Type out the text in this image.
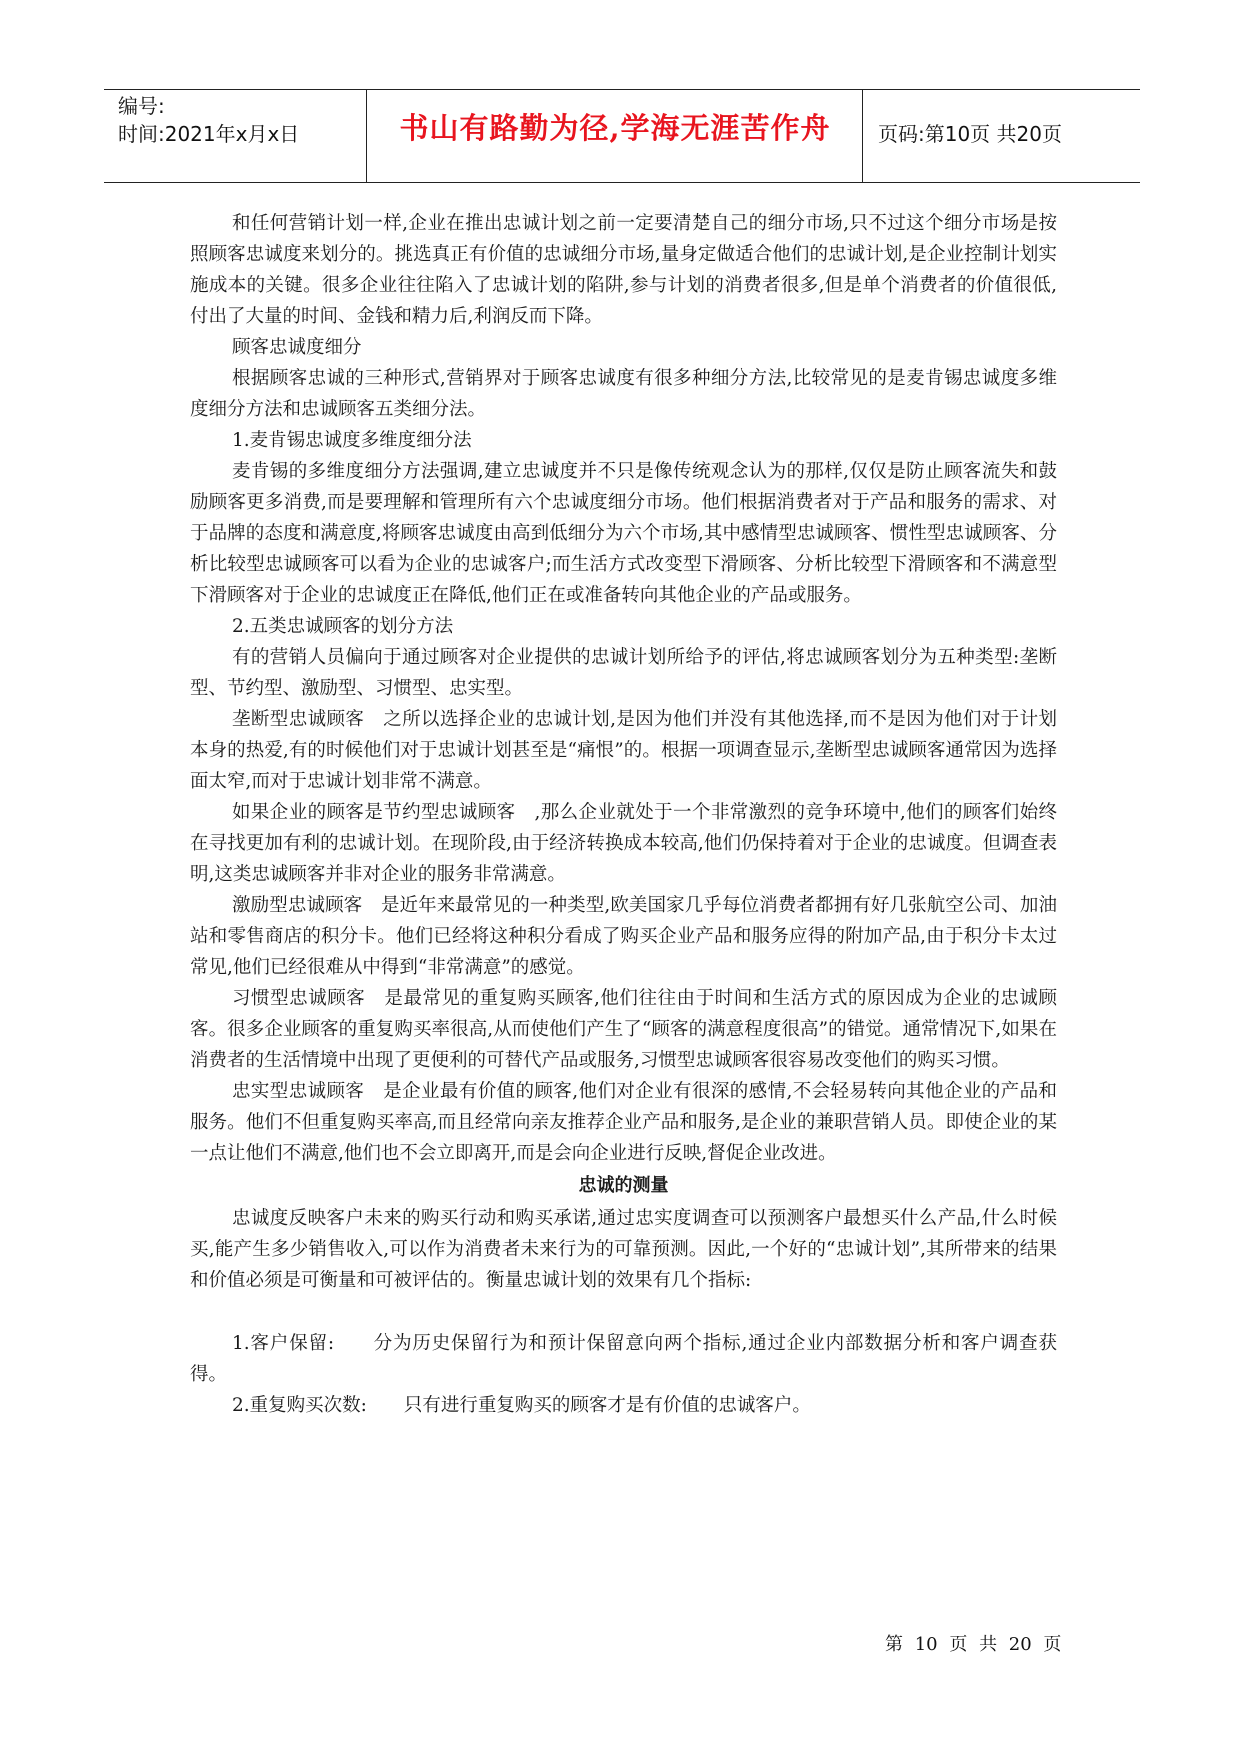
编号:
时间:2021年x月x日	书山有路勤为径,学海无涯苦作舟	页码:第10页 共20页

和任何营销计划一样,企业在推出忠诚计划之前一定要清楚自己的细分市场,只不过这个细分市场是按照顾客忠诚度来划分的。挑选真正有价值的忠诚细分市场,量身定做适合他们的忠诚计划,是企业控制计划实施成本的关键。很多企业往往陷入了忠诚计划的陷阱,参与计划的消费者很多,但是单个消费者的价值很低,付出了大量的时间、金钱和精力后,利润反而下降。

顾客忠诚度细分

根据顾客忠诚的三种形式,营销界对于顾客忠诚度有很多种细分方法,比较常见的是麦肯锡忠诚度多维度细分方法和忠诚顾客五类细分法。

1.麦肯锡忠诚度多维度细分法

麦肯锡的多维度细分方法强调,建立忠诚度并不只是像传统观念认为的那样,仅仅是防止顾客流失和鼓励顾客更多消费,而是要理解和管理所有六个忠诚度细分市场。他们根据消费者对于产品和服务的需求、对于品牌的态度和满意度,将顾客忠诚度由高到低细分为六个市场,其中感情型忠诚顾客、惯性型忠诚顾客、分析比较型忠诚顾客可以看为企业的忠诚客户;而生活方式改变型下滑顾客、分析比较型下滑顾客和不满意型下滑顾客对于企业的忠诚度正在降低,他们正在或准备转向其他企业的产品或服务。

2.五类忠诚顾客的划分方法

有的营销人员偏向于通过顾客对企业提供的忠诚计划所给予的评估,将忠诚顾客划分为五种类型:垄断型、节约型、激励型、习惯型、忠实型。

垄断型忠诚顾客　 之所以选择企业的忠诚计划,是因为他们并没有其他选择,而不是因为他们对于计划本身的热爱,有的时候他们对于忠诚计划甚至是“痛恨”的。根据一项调查显示,垄断型忠诚顾客通常因为选择面太窄,而对于忠诚计划非常不满意。

如果企业的顾客是节约型忠诚顾客　 ,那么企业就处于一个非常激烈的竞争环境中,他们的顾客们始终在寻找更加有利的忠诚计划。在现阶段,由于经济转换成本较高,他们仍保持着对于企业的忠诚度。但调查表明,这类忠诚顾客并非对企业的服务非常满意。

激励型忠诚顾客　 是近年来最常见的一种类型,欧美国家几乎每位消费者都拥有好几张航空公司、加油站和零售商店的积分卡。他们已经将这种积分看成了购买企业产品和服务应得的附加产品,由于积分卡太过常见,他们已经很难从中得到“非常满意”的感觉。

习惯型忠诚顾客　 是最常见的重复购买顾客,他们往往由于时间和生活方式的原因成为企业的忠诚顾客。很多企业顾客的重复购买率很高,从而使他们产生了“顾客的满意程度很高”的错觉。通常情况下,如果在消费者的生活情境中出现了更便利的可替代产品或服务,习惯型忠诚顾客很容易改变他们的购买习惯。

忠实型忠诚顾客　 是企业最有价值的顾客,他们对企业有很深的感情,不会轻易转向其他企业的产品和服务。他们不但重复购买率高,而且经常向亲友推荐企业产品和服务,是企业的兼职营销人员。即使企业的某一点让他们不满意,他们也不会立即离开,而是会向企业进行反映,督促企业改进。

忠诚的测量

忠诚度反映客户未来的购买行动和购买承诺,通过忠实度调查可以预测客户最想买什么产品,什么时候买,能产生多少销售收入,可以作为消费者未来行为的可靠预测。因此,一个好的“忠诚计划”,其所带来的结果和价值必须是可衡量和可被评估的。衡量忠诚计划的效果有几个指标:

1.客户保留:　　 分为历史保留行为和预计保留意向两个指标,通过企业内部数据分析和客户调查获得。

2.重复购买次数:　　 只有进行重复购买的顾客才是有价值的忠诚客户。

第 10 页 共 20 页
